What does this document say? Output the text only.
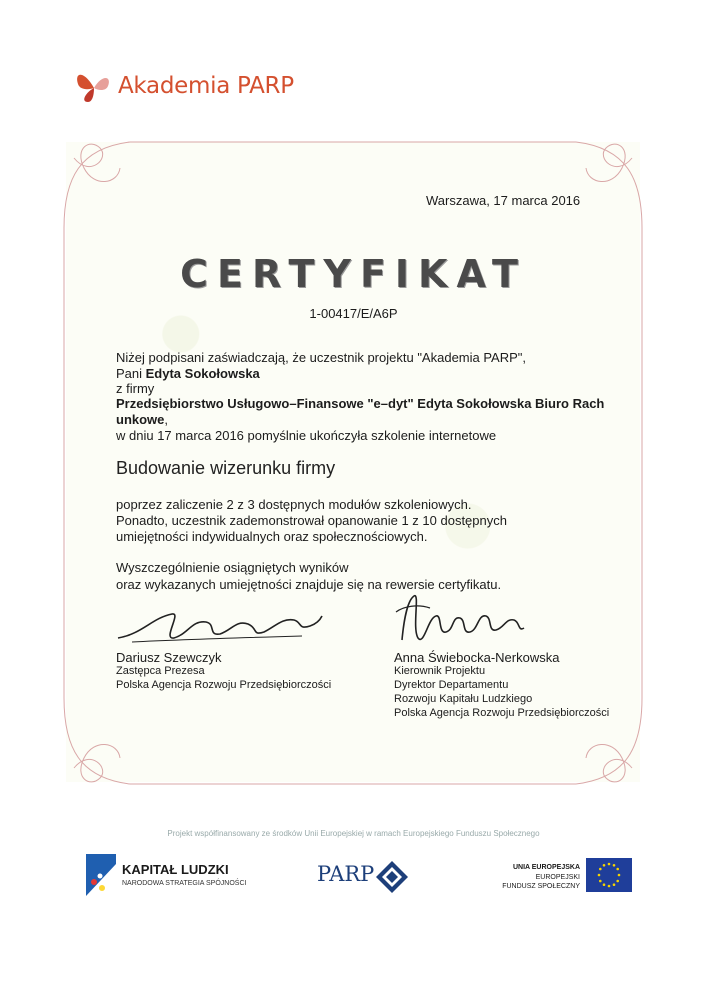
Akademia PARP
Warszawa, 17 marca 2016
CERTYFIKAT
1-00417/E/A6P
Niżej podpisani zaświadczają, że uczestnik projektu "Akademia PARP",
Pani Edyta Sokołowska
z firmy
Przedsiębiorstwo Usługowo–Finansowe "e–dyt" Edyta Sokołowska Biuro Rach
unkowe,
w dniu 17 marca 2016 pomyślnie ukończyła szkolenie internetowe
Budowanie wizerunku firmy
poprzez zaliczenie 2 z 3 dostępnych modułów szkoleniowych.
Ponadto, uczestnik zademonstrował opanowanie 1 z 10 dostępnych
umiejętności indywidualnych oraz społecznościowych.
Wyszczególnienie osiągniętych wyników
oraz wykazanych umiejętności znajduje się na rewersie certyfikatu.
Dariusz Szewczyk
Zastępca Prezesa
Polska Agencja Rozwoju Przedsiębiorczości
Anna Świebocka-Nerkowska
Kierownik Projektu
Dyrektor Departamentu
Rozwoju Kapitału Ludzkiego
Polska Agencja Rozwoju Przedsiębiorczości
Projekt współfinansowany ze środków Unii Europejskiej w ramach Europejskiego Funduszu Społecznego
KAPITAŁ LUDZKI
NARODOWA STRATEGIA SPÓJNOŚCI	PARP	UNIA EUROPEJSKA
EUROPEJSKI
FUNDUSZ SPOŁECZNY
